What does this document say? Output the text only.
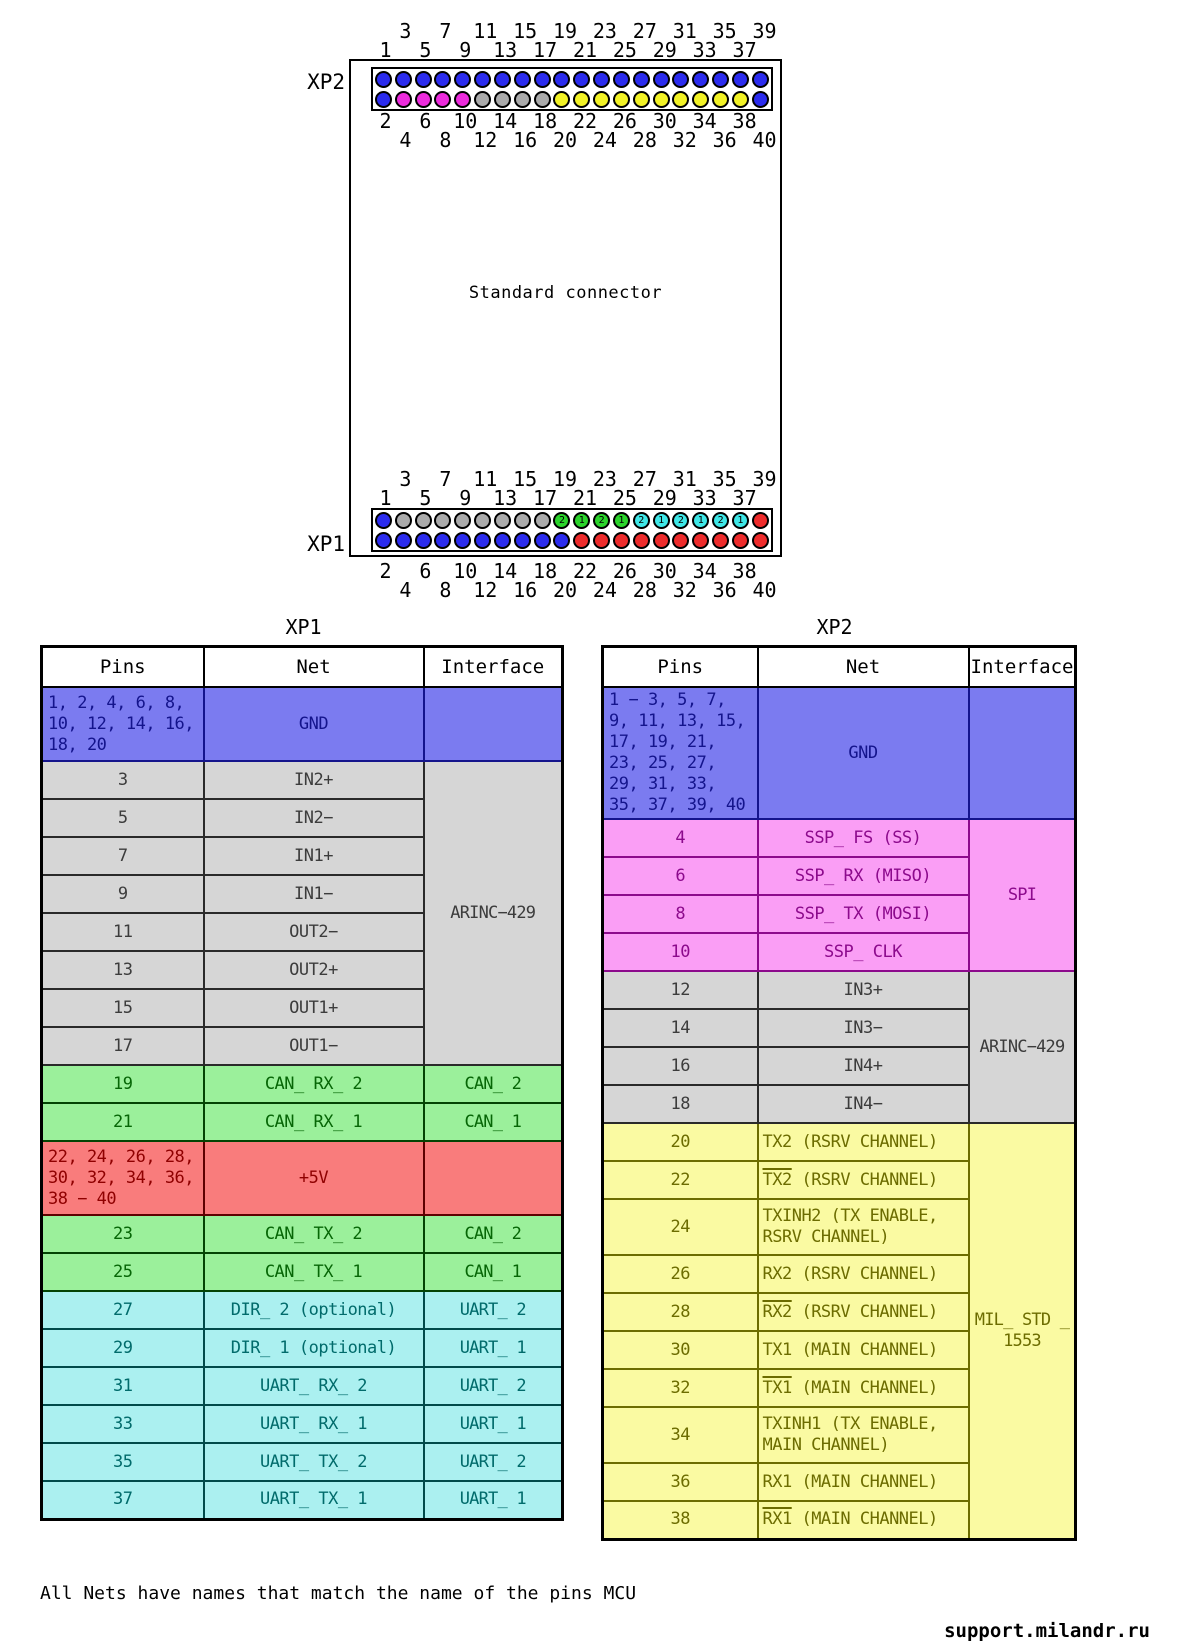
XP2
XP1
Standard connector
2	1	2	1	2	1	2	1	2	1
3 7 11 15 19 23 27 31 35 39
1 5 9 13 17 21 25 29 33 37
2 6 10 14 18 22 26 30 34 38
4 8 12 16 20 24 28 32 36 40
3 7 11 15 19 23 27 31 35 39
1 5 9 13 17 21 25 29 33 37
2 6 10 14 18 22 26 30 34 38
4 8 12 16 20 24 28 32 36 40
XP1	XP2
Pins	Net	Interface
1, 2, 4, 6, 8, 10, 12, 14, 16, 18, 20	GND	
3	IN2+	ARINC−429
5	IN2−	
7	IN1+	
9	IN1−	
11	OUT2−	
13	OUT2+	
15	OUT1+	
17	OUT1−	
19	CAN_ RX_ 2	CAN_ 2
21	CAN_ RX_ 1	CAN_ 1
22, 24, 26, 28, 30, 32, 34, 36, 38 − 40	+5V	
23	CAN_ TX_ 2	CAN_ 2
25	CAN_ TX_ 1	CAN_ 1
27	DIR_ 2 (optional)	UART_ 2
29	DIR_ 1 (optional)	UART_ 1
31	UART_ RX_ 2	UART_ 2
33	UART_ RX_ 1	UART_ 1
35	UART_ TX_ 2	UART_ 2
37	UART_ TX_ 1	UART_ 1
Pins	Net	Interface
1 − 3, 5, 7, 9, 11, 13, 15, 17, 19, 21, 23, 25, 27, 29, 31, 33, 35, 37, 39, 40	GND	
4	SSP_ FS (SS)	SPI
6	SSP_ RX (MISO)	
8	SSP_ TX (MOSI)	
10	SSP_ CLK	
12	IN3+	ARINC−429
14	IN3−	
16	IN4+	
18	IN4−	
20	TX2 (RSRV CHANNEL)	MIL_ STD _ 1553
22	TX2 (RSRV CHANNEL)	
24	TXINH2 (TX ENABLE, RSRV CHANNEL)	
26	RX2 (RSRV CHANNEL)	
28	RX2 (RSRV CHANNEL)	
30	TX1 (MAIN CHANNEL)	
32	TX1 (MAIN CHANNEL)	
34	TXINH1 (TX ENABLE, MAIN CHANNEL)	
36	RX1 (MAIN CHANNEL)	
38	RX1 (MAIN CHANNEL)	
All Nets have names that match the name of the pins MCU
support.milandr.ru
